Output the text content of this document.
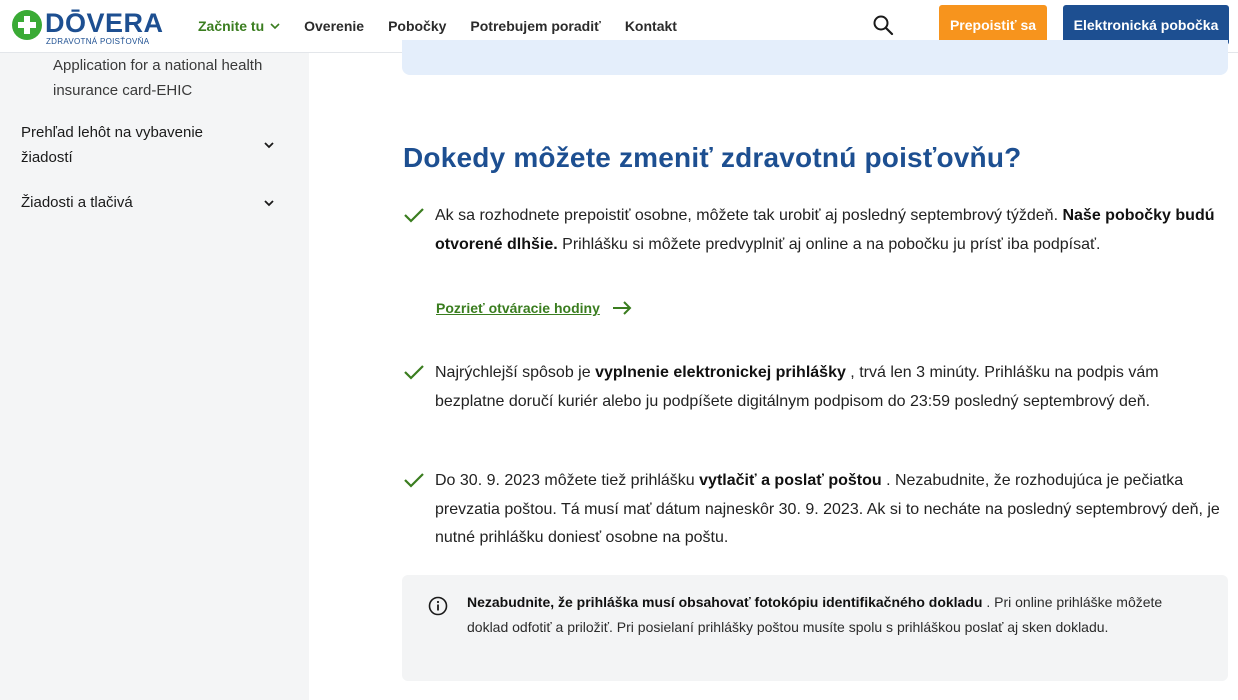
DŌVERA
ZDRAVOTNÁ POISŤOVŇA
Začnite tu	Overenie Pobočky Potrebujem poradiť Kontakt	Prepoistiť sa	Elektronická pobočka
Application for a national health insurance card-EHIC
Prehľad lehôt na vybavenie žiadostí
Žiadosti a tlačivá
Dokedy môžete zmeniť zdravotnú poisťovňu?

Ak sa rozhodnete prepoistiť osobne, môžete tak urobiť aj posledný septembrový týždeň. Naše pobočky budú otvorené dlhšie. Prihlášku si môžete predvyplniť aj online a na pobočku ju prísť iba podpísať.

Pozrieť otváracie hodiny

Najrýchlejší spôsob je vyplnenie elektronickej prihlášky , trvá len 3 minúty. Prihlášku na podpis vám bezplatne doručí kuriér alebo ju podpíšete digitálnym podpisom do 23:59 posledný septembrový deň.

Do 30. 9. 2023 môžete tiež prihlášku vytlačiť a poslať poštou . Nezabudnite, že rozhodujúca je pečiatka prevzatia poštou. Tá musí mať dátum najneskôr 30. 9. 2023. Ak si to necháte na posledný septembrový deň, je nutné prihlášku doniesť osobne na poštu.

Nezabudnite, že prihláška musí obsahovať fotokópiu identifikačného dokladu . Pri online prihláške môžete doklad odfotiť a priložiť. Pri posielaní prihlášky poštou musíte spolu s prihláškou poslať aj sken dokladu.
